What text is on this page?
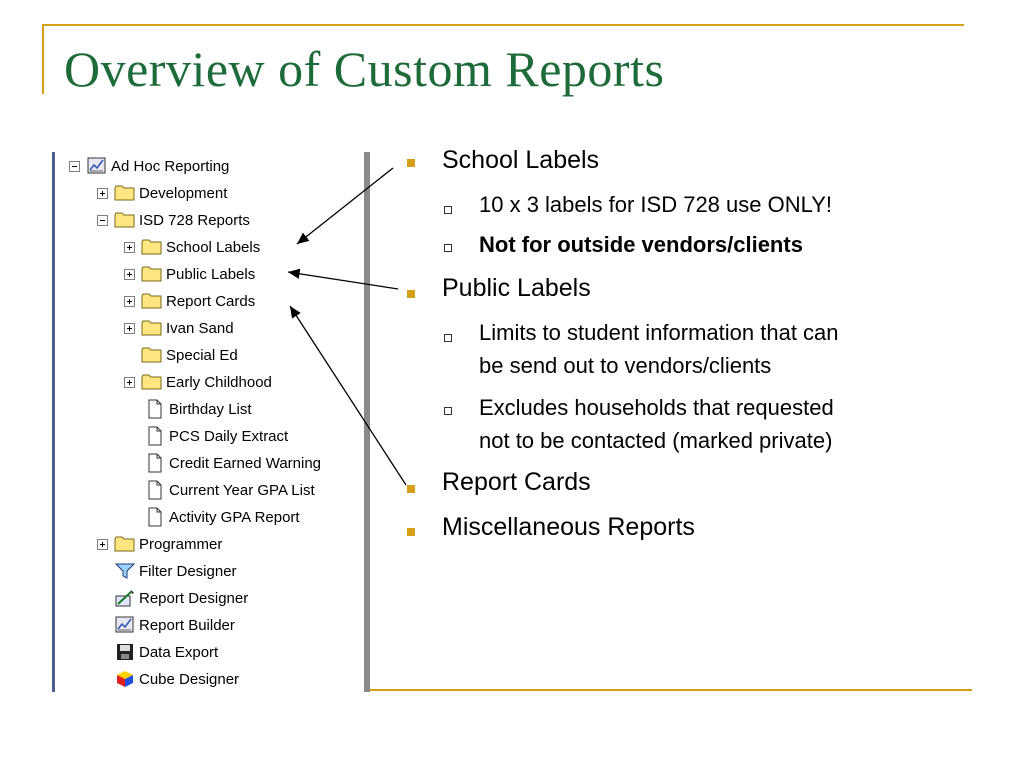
Overview of Custom Reports
Ad Hoc Reporting
Development
ISD 728 Reports
School Labels
Public Labels
Report Cards
Ivan Sand
Special Ed
Early Childhood
Birthday List
PCS Daily Extract
Credit Earned Warning
Current Year GPA List
Activity GPA Report
Programmer
Filter Designer
Report Designer
Report Builder
Data Export
Cube Designer
School Labels
10 x 3 labels for ISD 728 use ONLY!
Not for outside vendors/clients
Public Labels
Limits to student information that can
be send out to vendors/clients
Excludes households that requested
not to be contacted (marked private)
Report Cards
Miscellaneous Reports
